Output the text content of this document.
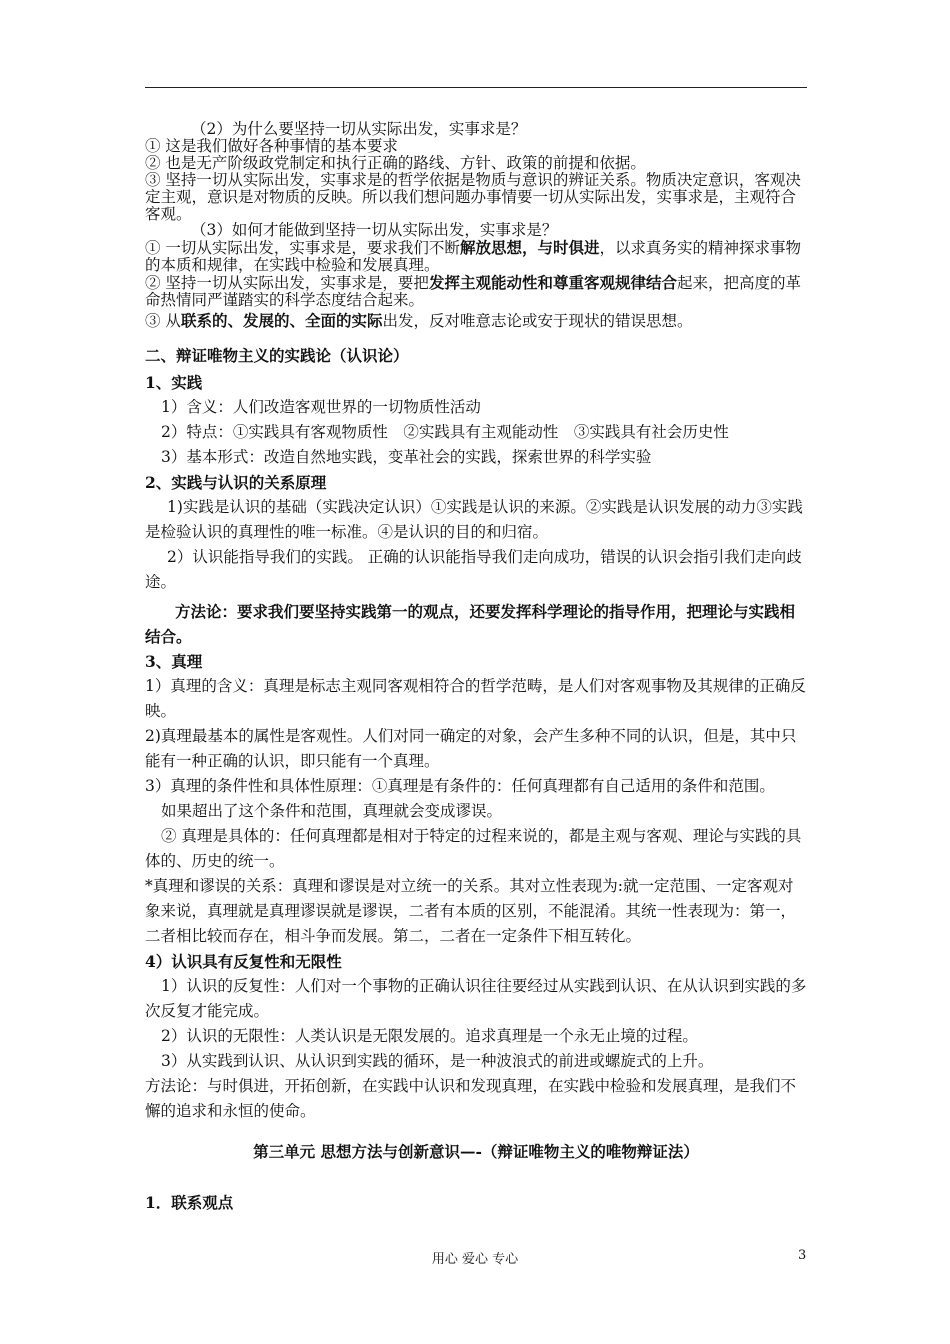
（2）为什么要坚持一切从实际出发，实事求是？

① 这是我们做好各种事情的基本要求

② 也是无产阶级政党制定和执行正确的路线、方针、政策的前提和依据。

③ 坚持一切从实际出发，实事求是的哲学依据是物质与意识的辨证关系。物质决定意识，客观决定主观，意识是对物质的反映。所以我们想问题办事情要一切从实际出发，实事求是，主观符合客观。

（3）如何才能做到坚持一切从实际出发，实事求是？

① 一切从实际出发，实事求是，要求我们不断解放思想，与时俱进，以求真务实的精神探求事物的本质和规律，在实践中检验和发展真理。

② 坚持一切从实际出发，实事求是，要把发挥主观能动性和尊重客观规律结合起来，把高度的革命热情同严谨踏实的科学态度结合起来。

③ 从联系的、发展的、全面的实际出发，反对唯意志论或安于现状的错误思想。

二、辩证唯物主义的实践论（认识论）

1、实践

1）含义：人们改造客观世界的一切物质性活动

2）特点：①实践具有客观物质性　②实践具有主观能动性　③实践具有社会历史性

3）基本形式：改造自然地实践，变革社会的实践，探索世界的科学实验

2、实践与认识的关系原理

1)实践是认识的基础（实践决定认识）①实践是认识的来源。②实践是认识发展的动力③实践是检验认识的真理性的唯一标准。④是认识的目的和归宿。

2）认识能指导我们的实践。 正确的认识能指导我们走向成功，错误的认识会指引我们走向歧途。

方法论：要求我们要坚持实践第一的观点，还要发挥科学理论的指导作用，把理论与实践相结合。

3、真理

1）真理的含义：真理是标志主观同客观相符合的哲学范畴，是人们对客观事物及其规律的正确反映。

2)真理最基本的属性是客观性。人们对同一确定的对象，会产生多种不同的认识，但是，其中只能有一种正确的认识，即只能有一个真理。

3）真理的条件性和具体性原理：①真理是有条件的：任何真理都有自己适用的条件和范围。

如果超出了这个条件和范围，真理就会变成谬误。

② 真理是具体的：任何真理都是相对于特定的过程来说的，都是主观与客观、理论与实践的具体的、历史的统一。

*真理和谬误的关系：真理和谬误是对立统一的关系。其对立性表现为:就一定范围、一定客观对象来说，真理就是真理谬误就是谬误，二者有本质的区别，不能混淆。其统一性表现为：第一，二者相比较而存在，相斗争而发展。第二，二者在一定条件下相互转化。

4）认识具有反复性和无限性

1）认识的反复性：人们对一个事物的正确认识往往要经过从实践到认识、在从认识到实践的多次反复才能完成。

2）认识的无限性：人类认识是无限发展的。追求真理是一个永无止境的过程。

3）从实践到认识、从认识到实践的循环，是一种波浪式的前进或螺旋式的上升。

方法论：与时俱进，开拓创新，在实践中认识和发现真理，在实践中检验和发展真理，是我们不懈的追求和永恒的使命。

第三单元 思想方法与创新意识—-（辩证唯物主义的唯物辩证法）

1．联系观点

用心 爱心 专心	3
